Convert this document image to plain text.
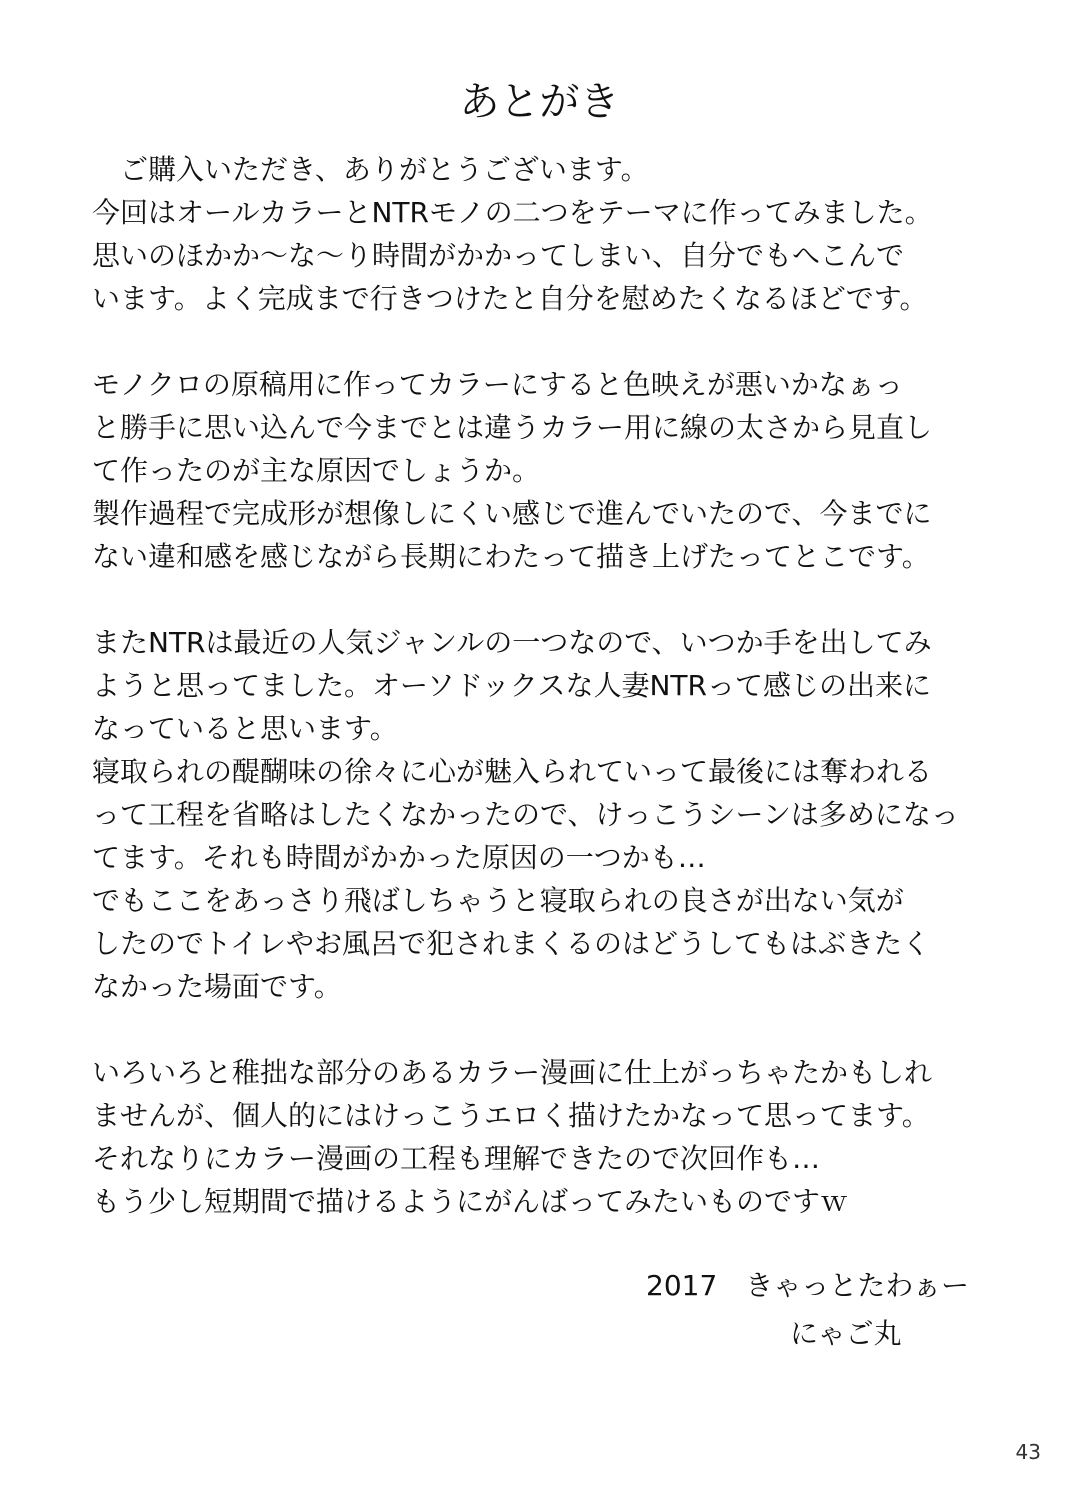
あとがき
　ご購入いただき、ありがとうございます。
今回はオールカラーとNTRモノの二つをテーマに作ってみました。
思いのほかか〜な〜り時間がかかってしまい、自分でもへこんで
います。よく完成まで行きつけたと自分を慰めたくなるほどです。
モノクロの原稿用に作ってカラーにすると色映えが悪いかなぁっ
と勝手に思い込んで今までとは違うカラー用に線の太さから見直し
て作ったのが主な原因でしょうか。
製作過程で完成形が想像しにくい感じで進んでいたので、今までに
ない違和感を感じながら長期にわたって描き上げたってとこです。
またNTRは最近の人気ジャンルの一つなので、いつか手を出してみ
ようと思ってました。オーソドックスな人妻NTRって感じの出来に
なっていると思います。
寝取られの醍醐味の徐々に心が魅入られていって最後には奪われる
って工程を省略はしたくなかったので、けっこうシーンは多めになっ
てます。それも時間がかかった原因の一つかも…
でもここをあっさり飛ばしちゃうと寝取られの良さが出ない気が
したのでトイレやお風呂で犯されまくるのはどうしてもはぶきたく
なかった場面です。
いろいろと稚拙な部分のあるカラー漫画に仕上がっちゃたかもしれ
ませんが、個人的にはけっこうエロく描けたかなって思ってます。
それなりにカラー漫画の工程も理解できたので次回作も…
もう少し短期間で描けるようにがんばってみたいものですｗ
2017　きゃっとたわぁー
にゃご丸
43
